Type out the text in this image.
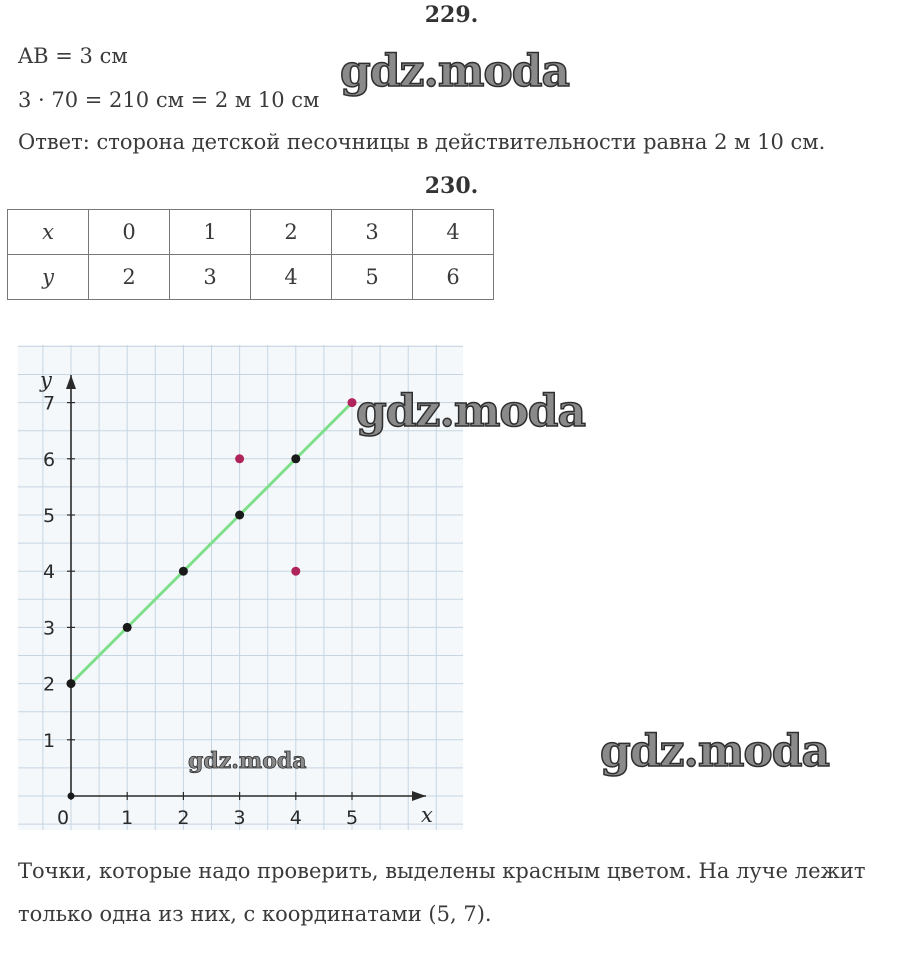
229.
AB = 3 см
3 · 70 = 210 см = 2 м 10 см
Ответ: сторона детской песочницы в действительности равна 2 м 10 см.
230.
x	0	1	2	3	4
y	2	3	4	5	6
0	1 2 3 4 5
1
2
3
4
5
6
7
x
y
gdz.moda
gdz.moda
gdz.moda
gdz.moda
Точки, которые надо проверить, выделены красным цветом. На луче лежит только одна из них, с координатами (5, 7).
